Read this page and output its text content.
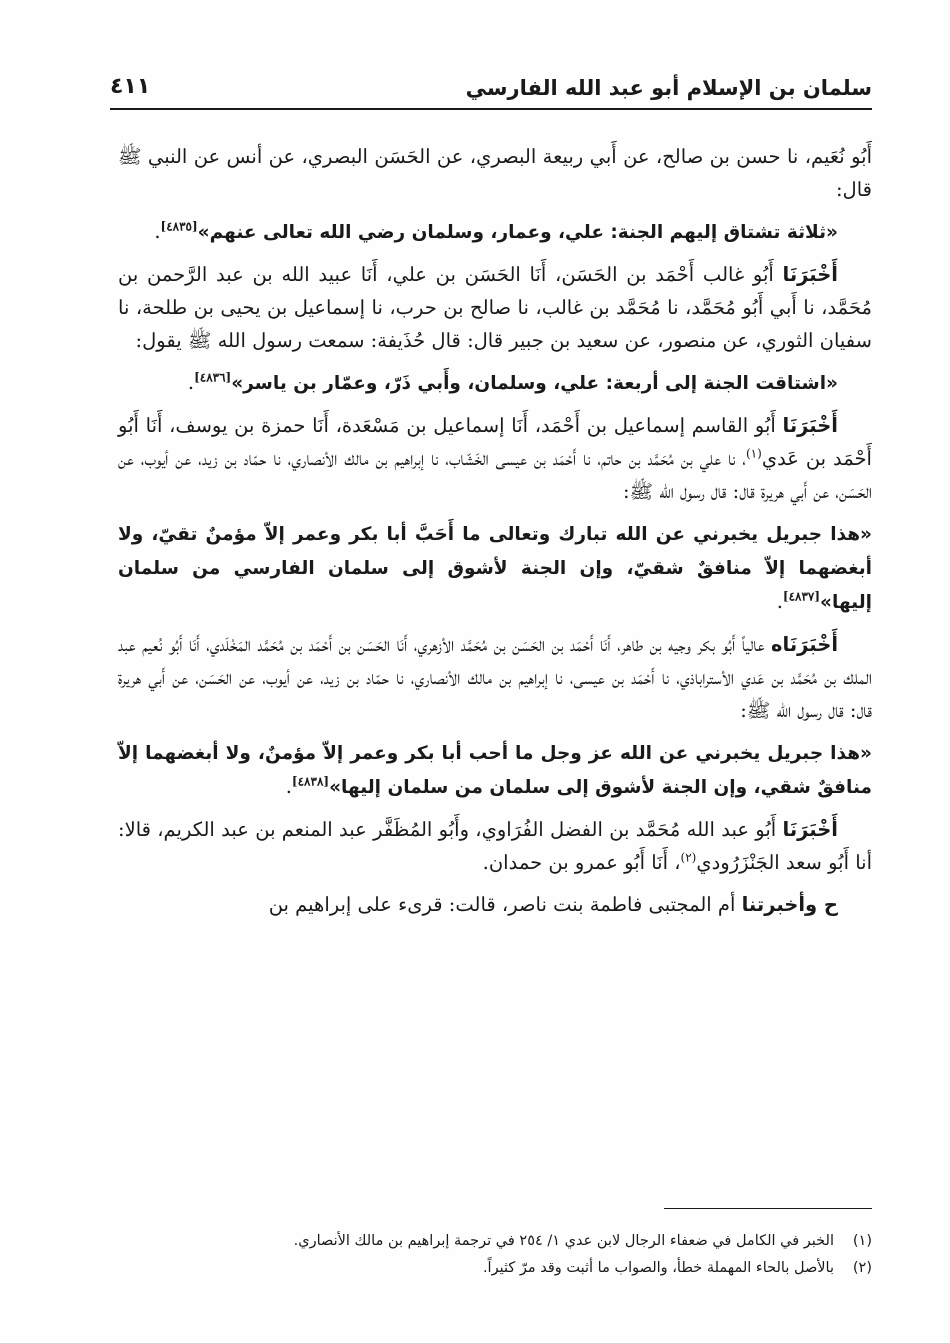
سلمان بن الإسلام أبو عبد الله الفارسي
٤١١

أَبُو نُعَيم، نا حسن بن صالح، عن أَبي ربيعة البصري، عن الحَسَن البصري، عن أنس عن النبي ﷺ قال:

«ثلاثة تشتاق إليهم الجنة: علي، وعمار، وسلمان رضي الله تعالى عنهم»[٤٨٣٥].

أَخْبَرَنَا أَبُو غالب أَحْمَد بن الحَسَن، أَنَا الحَسَن بن علي، أَنَا عبيد الله بن عبد الرَّحمن بن مُحَمَّد، نا أَبي أَبُو مُحَمَّد، نا مُحَمَّد بن غالب، نا صالح بن حرب، نا إسماعيل بن يحيى بن طلحة، نا سفيان الثوري، عن منصور، عن سعيد بن جبير قال: قال حُذَيفة: سمعت رسول الله ﷺ يقول:

«اشتاقت الجنة إلى أربعة: علي، وسلمان، وأَبي ذَرّ، وعمّار بن ياسر»[٤٨٣٦].

أَخْبَرَنَا أَبُو القاسم إسماعيل بن أَحْمَد، أَنَا إسماعيل بن مَسْعَدة، أَنَا حمزة بن يوسف، أَنَا أَبُو أَحْمَد بن عَدي$^{(١)}$، نا علي بن مُحَمَّد بن حاتم، نا أَحْمَد بن عيسى الخَشّاب، نا إبراهيم بن مالك الأنصاري، نا حمّاد بن زيد، عن أيوب، عن الحَسَن، عن أَبي هريرة قال: قال رسول الله ﷺ:

«هذا جبريل يخبرني عن الله تبارك وتعالى ما أَحَبَّ أبا بكر وعمر إلاّ مؤمنٌ تقيّ، ولا أبغضهما إلاّ منافقٌ شقيّ، وإن الجنة لأشوق إلى سلمان الفارسي من سلمان إليها»[٤٨٣٧].

أَخْبَرَنَاه عالياً أَبُو بكر وجيه بن طاهر، أَنَا أَحْمَد بن الحَسَن بن مُحَمَّد الأزهري، أَنَا الحَسَن بن أَحْمَد بن مُحَمَّد المَخْلَدي، أَنَا أَبُو نُعيم عبد الملك بن مُحَمَّد بن عَدي الأستراباذي، نا أَحْمَد بن عيسى، نا إبراهيم بن مالك الأنصاري، نا حمّاد بن زيد، عن أيوب، عن الحَسَن، عن أَبي هريرة قال: قال رسول الله ﷺ:

«هذا جبريل يخبرني عن الله عز وجل ما أحب أبا بكر وعمر إلاّ مؤمنٌ، ولا أبغضهما إلاّ منافقٌ شقي، وإن الجنة لأشوق إلى سلمان من سلمان إليها»[٤٨٣٨].

أَخْبَرَنَا أَبُو عبد الله مُحَمَّد بن الفضل الفُرَاوي، وأَبُو المُظَفَّر عبد المنعم بن عبد الكريم، قالا: أنا أَبُو سعد الجَنْزَرُودي$^{(٢)}$، أَنَا أَبُو عمرو بن حمدان.

ح وأخبرتنا أم المجتبى فاطمة بنت ناصر، قالت: قرىء على إبراهيم بن

(١)الخبر في الكامل في ضعفاء الرجال لابن عدي ١/ ٢٥٤ في ترجمة إبراهيم بن مالك الأنصاري.

(٢)بالأصل بالحاء المهملة خطأ، والصواب ما أثبت وقد مرّ كثيراً.
